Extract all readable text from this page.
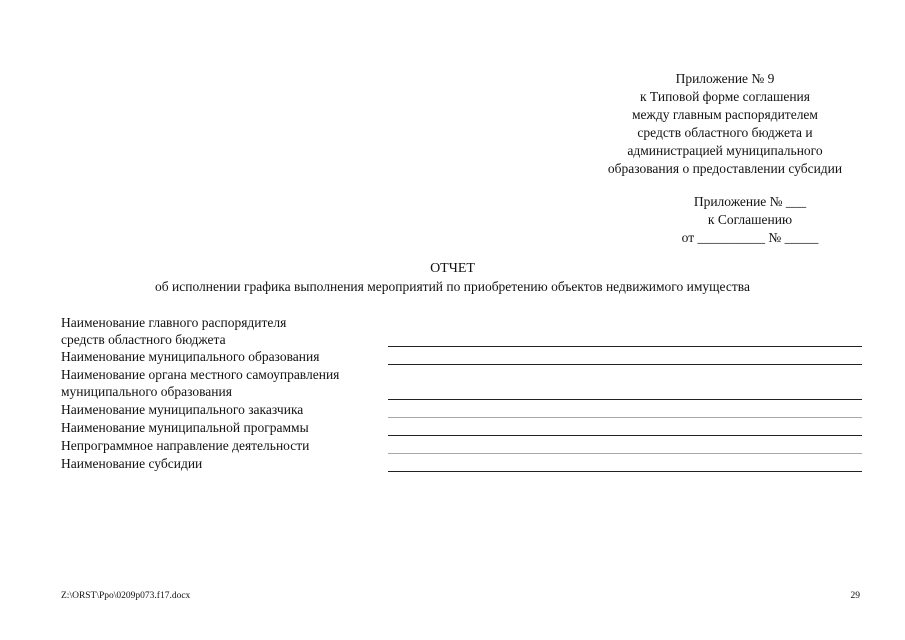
Приложение № 9
к Типовой форме соглашения
между главным распорядителем
средств областного бюджета и
администрацией муниципального
образования о предоставлении субсидии
Приложение № ___
к Соглашению
от __________ № _____
ОТЧЕТ
об исполнении графика выполнения мероприятий по приобретению объектов недвижимого имущества
Наименование главного распорядителя
средств областного бюджета
Наименование муниципального образования
Наименование органа местного самоуправления
муниципального образования
Наименование муниципального заказчика
Наименование муниципальной программы
Непрограммное направление деятельности
Наименование субсидии
Z:\ORST\Ppo\0209p073.f17.docx	29
